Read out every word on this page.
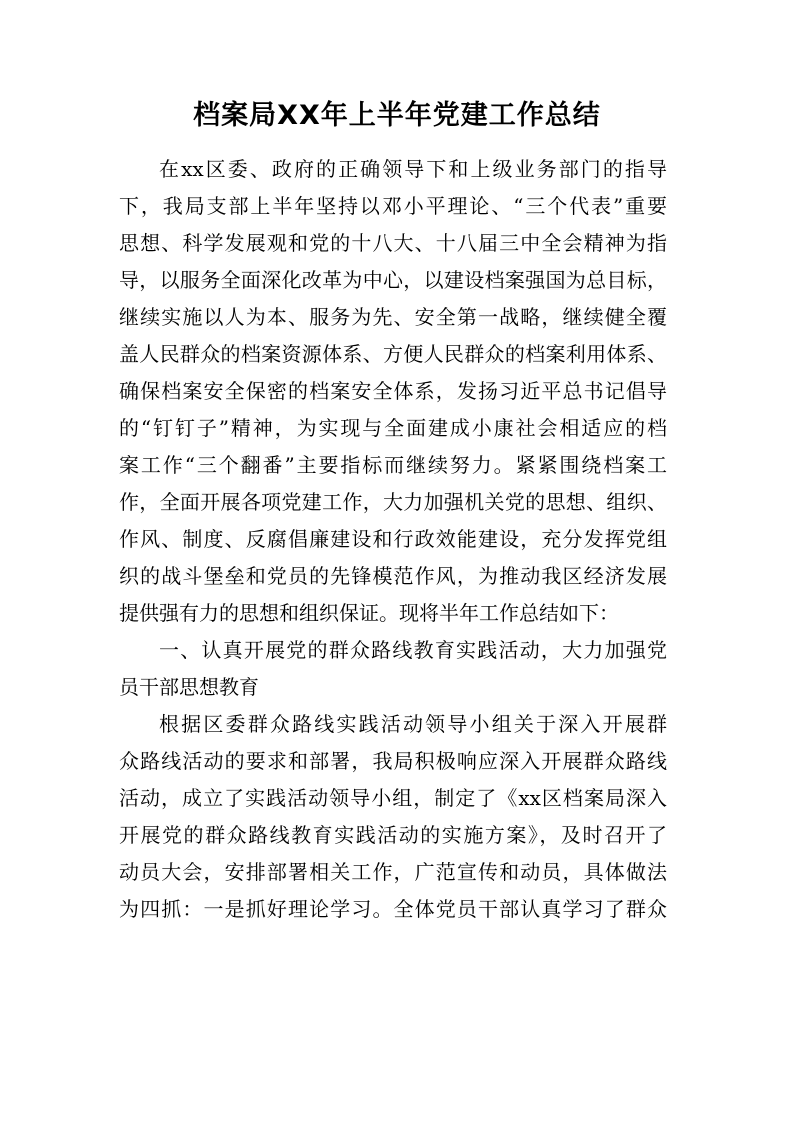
档案局XX年上半年党建工作总结
在xx区委、政府的正确领导下和上级业务部门的指导
下，我局支部上半年坚持以邓小平理论、“三个代表”重要
思想、科学发展观和党的十八大、十八届三中全会精神为指
导，以服务全面深化改革为中心，以建设档案强国为总目标，
继续实施以人为本、服务为先、安全第一战略，继续健全覆
盖人民群众的档案资源体系、方便人民群众的档案利用体系、
确保档案安全保密的档案安全体系，发扬习近平总书记倡导
的“钉钉子”精神，为实现与全面建成小康社会相适应的档
案工作“三个翻番”主要指标而继续努力。紧紧围绕档案工
作，全面开展各项党建工作，大力加强机关党的思想、组织、
作风、制度、反腐倡廉建设和行政效能建设，充分发挥党组
织的战斗堡垒和党员的先锋模范作风，为推动我区经济发展
提供强有力的思想和组织保证。现将半年工作总结如下：
一、认真开展党的群众路线教育实践活动，大力加强党
员干部思想教育
根据区委群众路线实践活动领导小组关于深入开展群
众路线活动的要求和部署，我局积极响应深入开展群众路线
活动，成立了实践活动领导小组，制定了《xx区档案局深入
开展党的群众路线教育实践活动的实施方案》，及时召开了
动员大会，安排部署相关工作，广范宣传和动员，具体做法
为四抓：一是抓好理论学习。全体党员干部认真学习了群众
